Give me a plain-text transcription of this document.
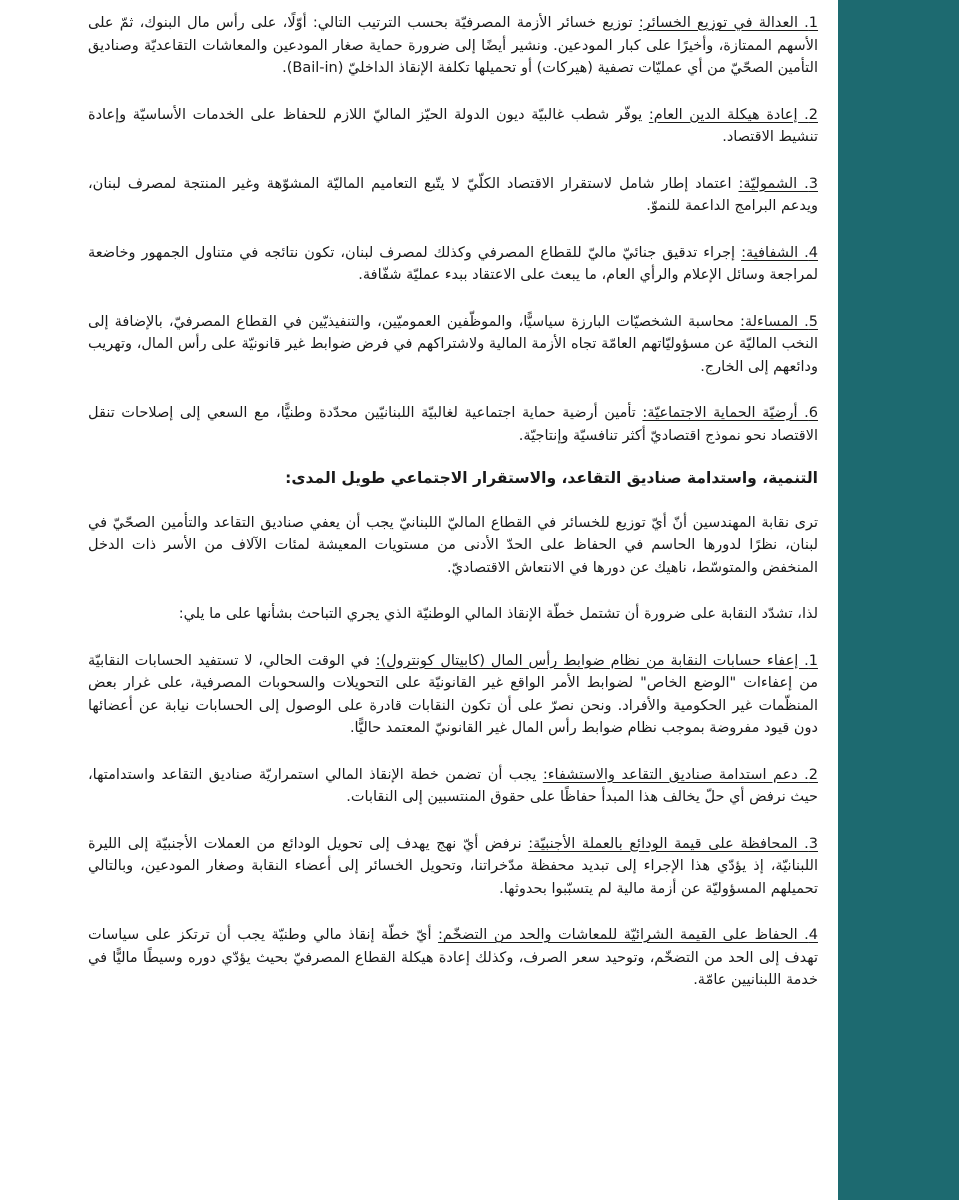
1. العدالة في توزيع الخسائر: توزيع خسائر الأزمة المصرفيّة بحسب الترتيب التالي: أوّلًا، على رأس مال البنوك، ثمّ على الأسهم الممتازة، وأخيرًا على كبار المودعين. ونشير أيضًا إلى ضرورة حماية صغار المودعين والمعاشات التقاعديّة وصناديق التأمين الصحّيّ من أي عمليّات تصفية (هيركات) أو تحميلها تكلفة الإنقاذ الداخليّ (Bail-in).

2. إعادة هيكلة الدين العام: يوفّر شطب غالبيّة ديون الدولة الحيّز الماليّ اللازم للحفاظ على الخدمات الأساسيّة وإعادة تنشيط الاقتصاد.

3. الشموليّة: اعتماد إطار شامل لاستقرار الاقتصاد الكلّيّ لا يتّبع التعاميم الماليّة المشوّهة وغير المنتجة لمصرف لبنان، ويدعم البرامج الداعمة للنموّ.

4. الشفافية: إجراء تدقيق جنائيّ ماليّ للقطاع المصرفي وكذلك لمصرف لبنان، تكون نتائجه في متناول الجمهور وخاضعة لمراجعة وسائل الإعلام والرأي العام، ما يبعث على الاعتقاد ببدء عمليّة شفّافة.

5. المساءلة: محاسبة الشخصيّات البارزة سياسيًّا، والموظّفين العموميّين، والتنفيذيّين في القطاع المصرفيّ، بالإضافة إلى النخب الماليّة عن مسؤوليّاتهم العامّة تجاه الأزمة المالية ولاشتراكهم في فرض ضوابط غير قانونيّة على رأس المال، وتهريب ودائعهم إلى الخارج.

6. أرضيّة الحماية الاجتماعيّة: تأمين أرضية حماية اجتماعية لغالبيّة اللبنانيّين محدّدة وطنيًّا، مع السعي إلى إصلاحات تنقل الاقتصاد نحو نموذج اقتصاديّ أكثر تنافسيّة وإنتاجيّة.

التنمية، واستدامة صناديق التقاعد، والاستقرار الاجتماعي طويل المدى:

ترى نقابة المهندسين أنّ أيّ توزيع للخسائر في القطاع الماليّ اللبنانيّ يجب أن يعفي صناديق التقاعد والتأمين الصحّيّ في لبنان، نظرًا لدورها الحاسم في الحفاظ على الحدّ الأدنى من مستويات المعيشة لمئات الآلاف من الأسر ذات الدخل المنخفض والمتوسّط، ناهيك عن دورها في الانتعاش الاقتصاديّ.

لذا، تشدّد النقابة على ضرورة أن تشتمل خطّة الإنقاذ المالي الوطنيّة الذي يجري التباحث بشأنها على ما يلي:

1. إعفاء حسابات النقابة من نظام ضوابط رأس المال (كابيتال كونترول): في الوقت الحالي، لا تستفيد الحسابات النقابيّة من إعفاءات "الوضع الخاص" لضوابط الأمر الواقع غير القانونيّة على التحويلات والسحوبات المصرفية، على غرار بعض المنظّمات غير الحكومية والأفراد. ونحن نصرّ على أن تكون النقابات قادرة على الوصول إلى الحسابات نيابة عن أعضائها دون قيود مفروضة بموجب نظام ضوابط رأس المال غير القانونيّ المعتمد حاليًّا.

2. دعم استدامة صناديق التقاعد والاستشفاء: يجب أن تضمن خطة الإنقاذ المالي استمراريّة صناديق التقاعد واستدامتها، حيث نرفض أي حلّ يخالف هذا المبدأ حفاظًا على حقوق المنتسبين إلى النقابات.

3. المحافظة على قيمة الودائع بالعملة الأجنبيّة: نرفض أيّ نهج يهدف إلى تحويل الودائع من العملات الأجنبيّة إلى الليرة اللبنانيّة، إذ يؤدّي هذا الإجراء إلى تبديد محفظة مدّخراتنا، وتحويل الخسائر إلى أعضاء النقابة وصغار المودعين، وبالتالي تحميلهم المسؤوليّة عن أزمة مالية لم يتسبّبوا بحدوثها.

4. الحفاظ على القيمة الشرائيّة للمعاشات والحد من التضخّم: أيّ خطّة إنقاذ مالي وطنيّة يجب أن ترتكز على سياسات تهدف إلى الحد من التضخّم، وتوحيد سعر الصرف، وكذلك إعادة هيكلة القطاع المصرفيّ بحيث يؤدّي دوره وسيطًا ماليًّا في خدمة اللبنانيين عامّة.
